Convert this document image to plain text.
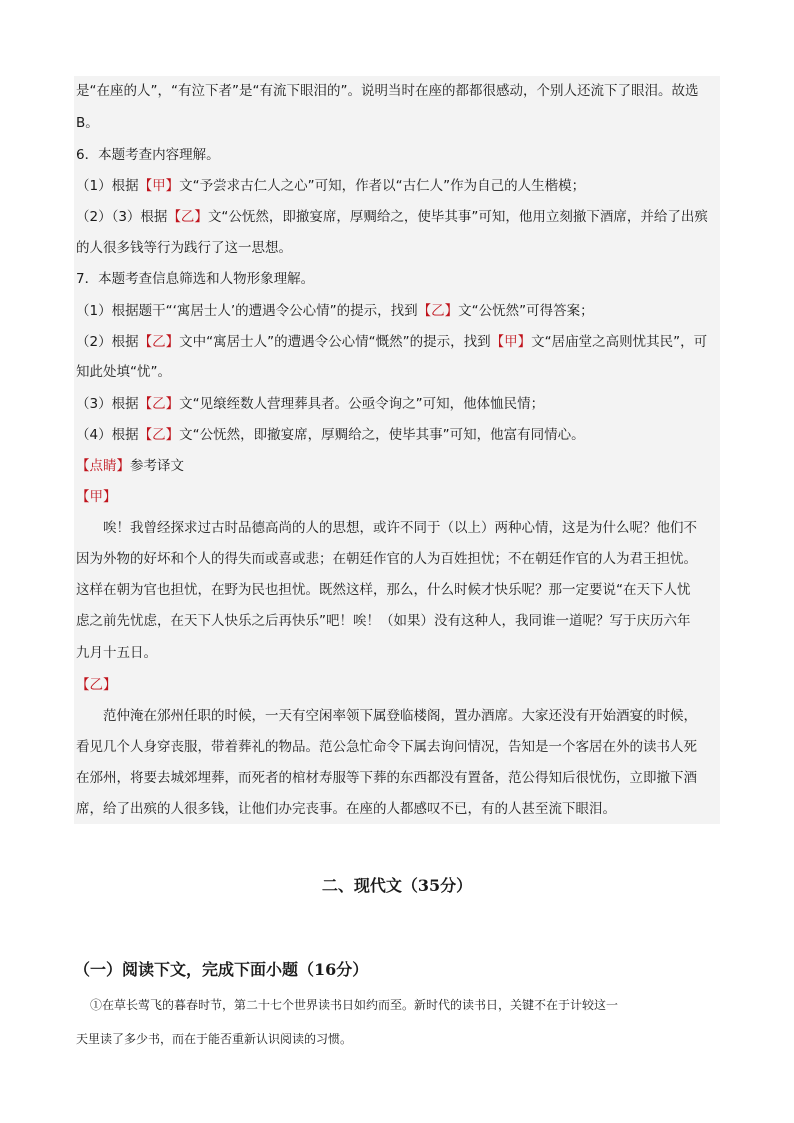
是“在座的人”，“有泣下者”是“有流下眼泪的”。说明当时在座的都都很感动，个别人还流下了眼泪。故选
B。
6．本题考查内容理解。
（1）根据【甲】文“予尝求古仁人之心”可知，作者以“古仁人”作为自己的人生楷模；
（2）（3）根据【乙】文“公怃然，即撤宴席，厚赒给之，使毕其事”可知，他用立刻撤下酒席，并给了出殡
的人很多钱等行为践行了这一思想。
7．本题考查信息筛选和人物形象理解。
（1）根据题干“‘寓居士人’的遭遇令公心情”的提示，找到【乙】文“公怃然”可得答案；
（2）根据【乙】文中“寓居士人”的遭遇令公心情“慨然”的提示，找到【甲】文“居庙堂之高则忧其民”，可
知此处填“忧”。
（3）根据【乙】文“见缞绖数人营理葬具者。公亟令询之”可知，他体恤民情；
（4）根据【乙】文“公怃然，即撤宴席，厚赒给之，使毕其事”可知，他富有同情心。
【点睛】参考译文
【甲】
唉！我曾经探求过古时品德高尚的人的思想，或许不同于（以上）两种心情，这是为什么呢？他们不
因为外物的好坏和个人的得失而或喜或悲；在朝廷作官的人为百姓担忧；不在朝廷作官的人为君王担忧。
这样在朝为官也担忧，在野为民也担忧。既然这样，那么，什么时候才快乐呢？那一定要说“在天下人忧
虑之前先忧虑，在天下人快乐之后再快乐”吧！唉！（如果）没有这种人，我同谁一道呢？写于庆历六年
九月十五日。
【乙】
范仲淹在邠州任职的时候，一天有空闲率领下属登临楼阁，置办酒席。大家还没有开始酒宴的时候，
看见几个人身穿丧服，带着葬礼的物品。范公急忙命令下属去询问情况，告知是一个客居在外的读书人死
在邠州，将要去城郊埋葬，而死者的棺材寿服等下葬的东西都没有置备，范公得知后很忧伤，立即撤下酒
席，给了出殡的人很多钱，让他们办完丧事。在座的人都感叹不已，有的人甚至流下眼泪。
二、现代文（35分）
（一）阅读下文，完成下面小题（16分）
①在草长莺飞的暮春时节，第二十七个世界读书日如约而至。新时代的读书日，关键不在于计较这一
天里读了多少书，而在于能否重新认识阅读的习惯。
